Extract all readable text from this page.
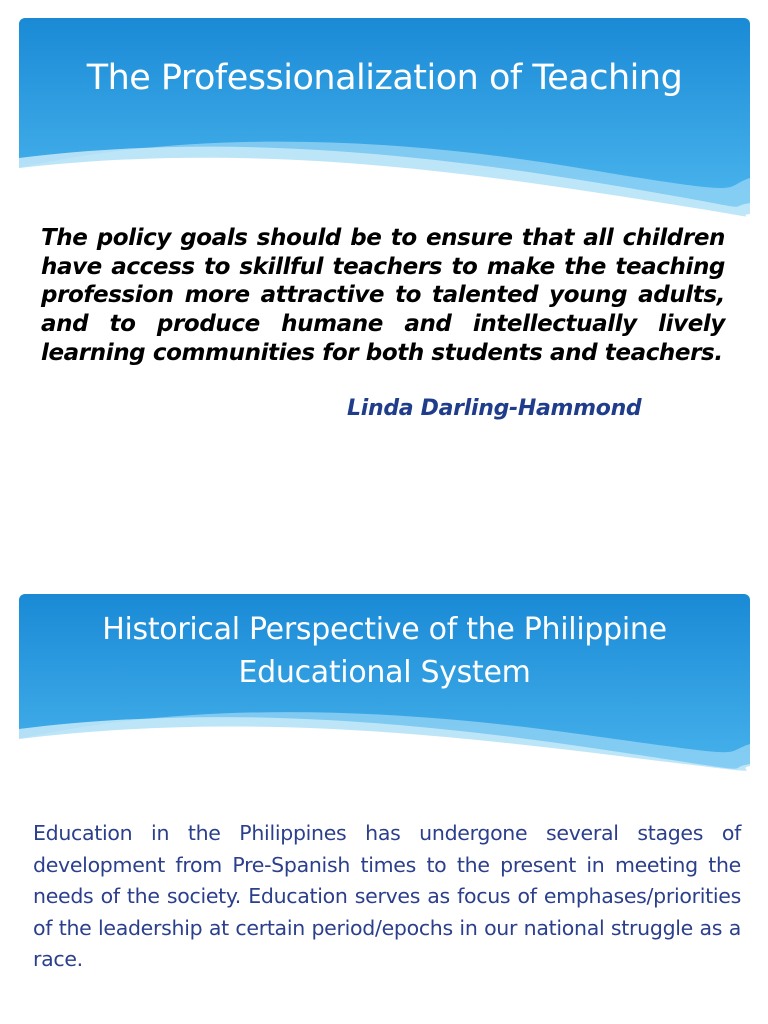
The Professionalization of Teaching

The policy goals should be to ensure that all children have access to skillful teachers to make the teaching profession more attractive to talented young adults, and to produce humane and intellectually lively learning communities for both students and teachers.

Linda Darling-Hammond

Historical Perspective of the Philippine
Educational System

Education in the Philippines has undergone several stages of development from Pre-Spanish times to the present in meeting the needs of the society. Education serves as focus of emphases/priorities of the leadership at certain period/epochs in our national struggle as a race.
